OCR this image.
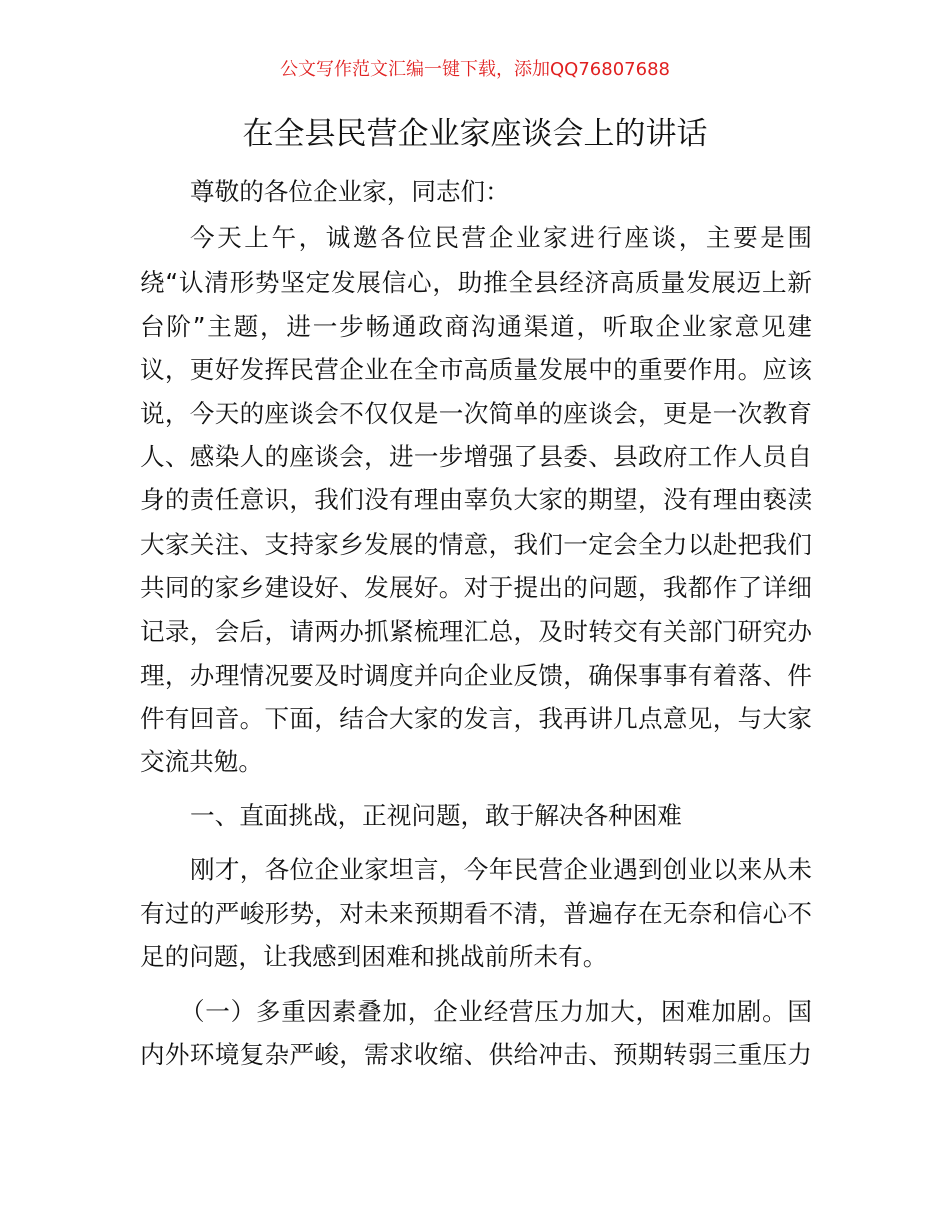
公文写作范文汇编一键下载，添加QQ76807688
在全县民营企业家座谈会上的讲话
尊敬的各位企业家，同志们：
今天上午，诚邀各位民营企业家进行座谈，主要是围
绕“认清形势坚定发展信心，助推全县经济高质量发展迈上新
台阶”主题，进一步畅通政商沟通渠道，听取企业家意见建
议，更好发挥民营企业在全市高质量发展中的重要作用。应该
说，今天的座谈会不仅仅是一次简单的座谈会，更是一次教育
人、感染人的座谈会，进一步增强了县委、县政府工作人员自
身的责任意识，我们没有理由辜负大家的期望，没有理由亵渎
大家关注、支持家乡发展的情意，我们一定会全力以赴把我们
共同的家乡建设好、发展好。对于提出的问题，我都作了详细
记录，会后，请两办抓紧梳理汇总，及时转交有关部门研究办
理，办理情况要及时调度并向企业反馈，确保事事有着落、件
件有回音。下面，结合大家的发言，我再讲几点意见，与大家
交流共勉。
一、直面挑战，正视问题，敢于解决各种困难
刚才，各位企业家坦言，今年民营企业遇到创业以来从未
有过的严峻形势，对未来预期看不清，普遍存在无奈和信心不
足的问题，让我感到困难和挑战前所未有。
（一）多重因素叠加，企业经营压力加大，困难加剧。国
内外环境复杂严峻，需求收缩、供给冲击、预期转弱三重压力
